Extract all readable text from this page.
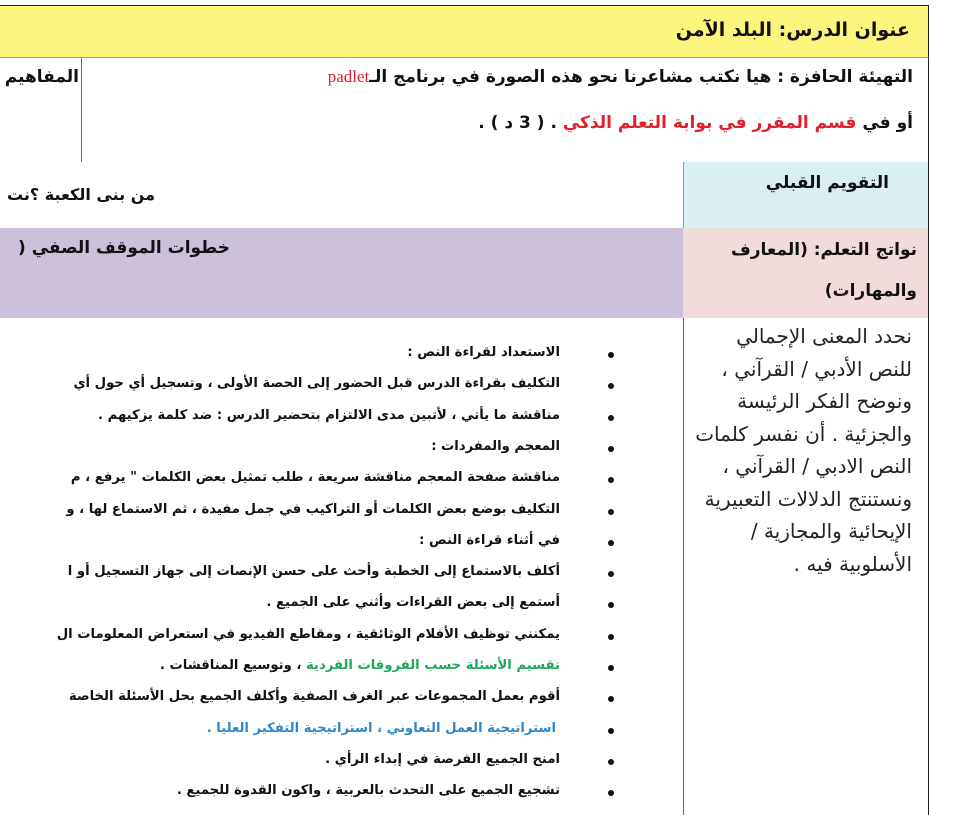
عنوان الدرس: البلد الآمن
التهيئة الحافزة : هيا نكتب مشاعرنا نحو هذه الصورة في برنامج الـpadlet
أو في قسم المقرر في بوابة التعلم الذكي . ( 3 د ) .
المفاهيم
التقويم القبلي
من بنى الكعبة ؟نت
خطوات الموقف الصفي (	نواتج التعلم: (المعارف
والمهارات)
نحدد المعنى الإجمالي للنص الأدبي / القرآني ، ونوضح الفكر الرئيسة والجزئية . أن نفسر كلمات النص الادبي / القرآني ، ونستنتج الدلالات التعبيرية الإيحائية والمجازية / الأسلوبية فيه .
الاستعداد لقراءة النص :
التكليف بقراءة الدرس قبل الحضور إلى الحصة الأولى ، وتسجيل أي حول أي
مناقشة ما يأتي ، لأتبين مدى الالتزام بتحضير الدرس : ضد كلمة يزكيهم .
المعجم والمفردات :
مناقشة صفحة المعجم مناقشة سريعة ، طلب تمثيل بعض الكلمات " يرفع ، م
التكليف بوضع بعض الكلمات أو التراكيب في جمل مفيدة ، ثم الاستماع لها ، و
في أثناء قراءة النص :
أكلف بالاستماع إلى الخطبة وأحث على حسن الإنصات إلى جهاز التسجيل أو ا
أستمع إلى بعض القراءات وأثني على الجميع .
يمكنني توظيف الأفلام الوثائقية ، ومقاطع الفيديو في استعراض المعلومات ال
تقسيم الأسئلة حسب الفروقات الفردية ، وتوسيع المناقشات .
أقوم بعمل المجموعات عبر الغرف الصفية وأكلف الجميع بحل الأسئلة الخاصة
استراتيجية العمل التعاوني ، استراتيجية التفكير العليا .
امنح الجميع الفرصة في إبداء الرأي .
تشجيع الجميع على التحدث بالعربية ، واكون القدوة للجميع .
